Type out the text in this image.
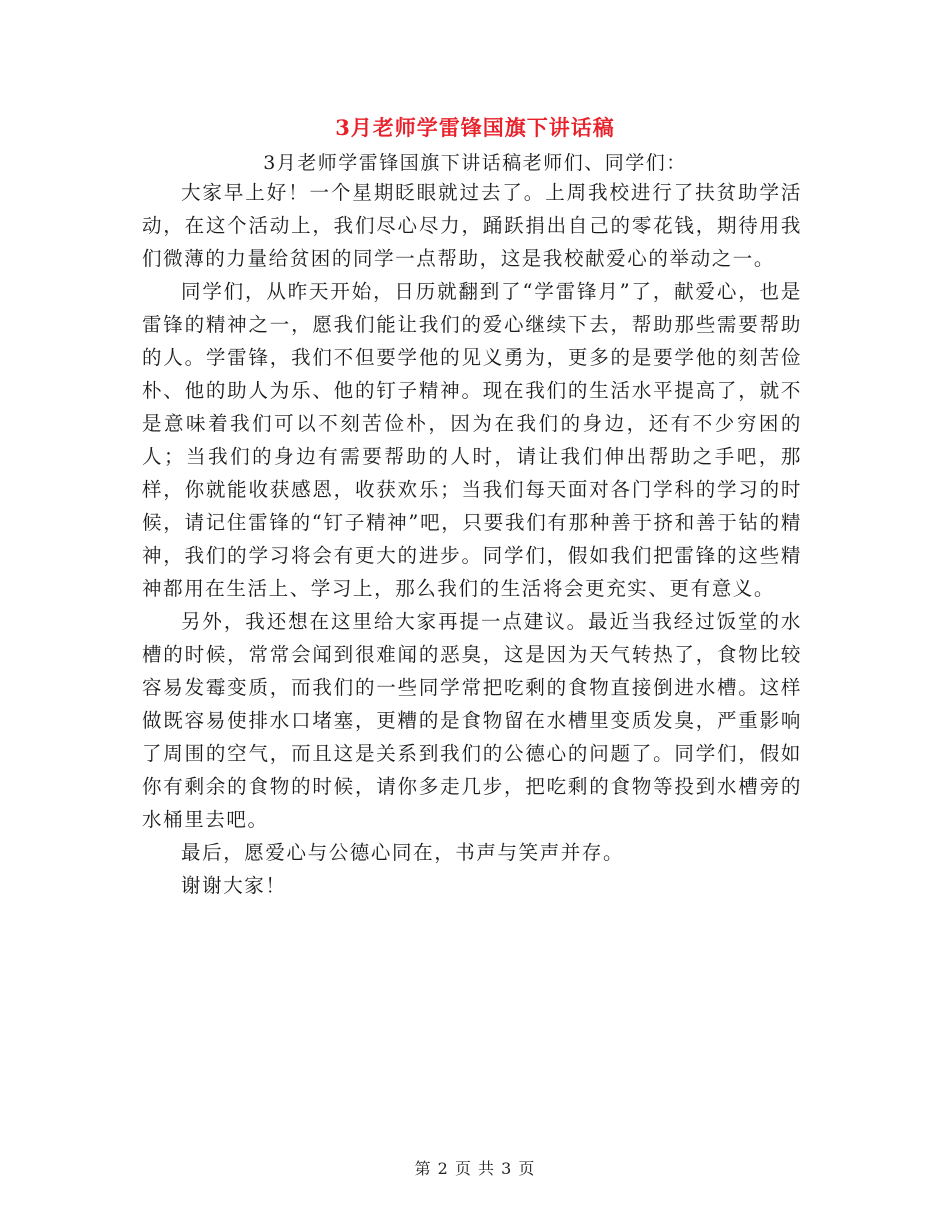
3月老师学雷锋国旗下讲话稿
3月老师学雷锋国旗下讲话稿老师们、同学们：

大家早上好！一个星期眨眼就过去了。上周我校进行了扶贫助学活动，在这个活动上，我们尽心尽力，踊跃捐出自己的零花钱，期待用我们微薄的力量给贫困的同学一点帮助，这是我校献爱心的举动之一。

同学们，从昨天开始，日历就翻到了“学雷锋月”了，献爱心，也是雷锋的精神之一，愿我们能让我们的爱心继续下去，帮助那些需要帮助的人。学雷锋，我们不但要学他的见义勇为，更多的是要学他的刻苦俭朴、他的助人为乐、他的钉子精神。现在我们的生活水平提高了，就不是意味着我们可以不刻苦俭朴，因为在我们的身边，还有不少穷困的人；当我们的身边有需要帮助的人时，请让我们伸出帮助之手吧，那样，你就能收获感恩，收获欢乐；当我们每天面对各门学科的学习的时候，请记住雷锋的“钉子精神”吧，只要我们有那种善于挤和善于钻的精神，我们的学习将会有更大的进步。同学们，假如我们把雷锋的这些精神都用在生活上、学习上，那么我们的生活将会更充实、更有意义。

另外，我还想在这里给大家再提一点建议。最近当我经过饭堂的水槽的时候，常常会闻到很难闻的恶臭，这是因为天气转热了，食物比较容易发霉变质，而我们的一些同学常把吃剩的食物直接倒进水槽。这样做既容易使排水口堵塞，更糟的是食物留在水槽里变质发臭，严重影响了周围的空气，而且这是关系到我们的公德心的问题了。同学们，假如你有剩余的食物的时候，请你多走几步，把吃剩的食物等投到水槽旁的水桶里去吧。

最后，愿爱心与公德心同在，书声与笑声并存。

谢谢大家！

第 2 页 共 3 页
